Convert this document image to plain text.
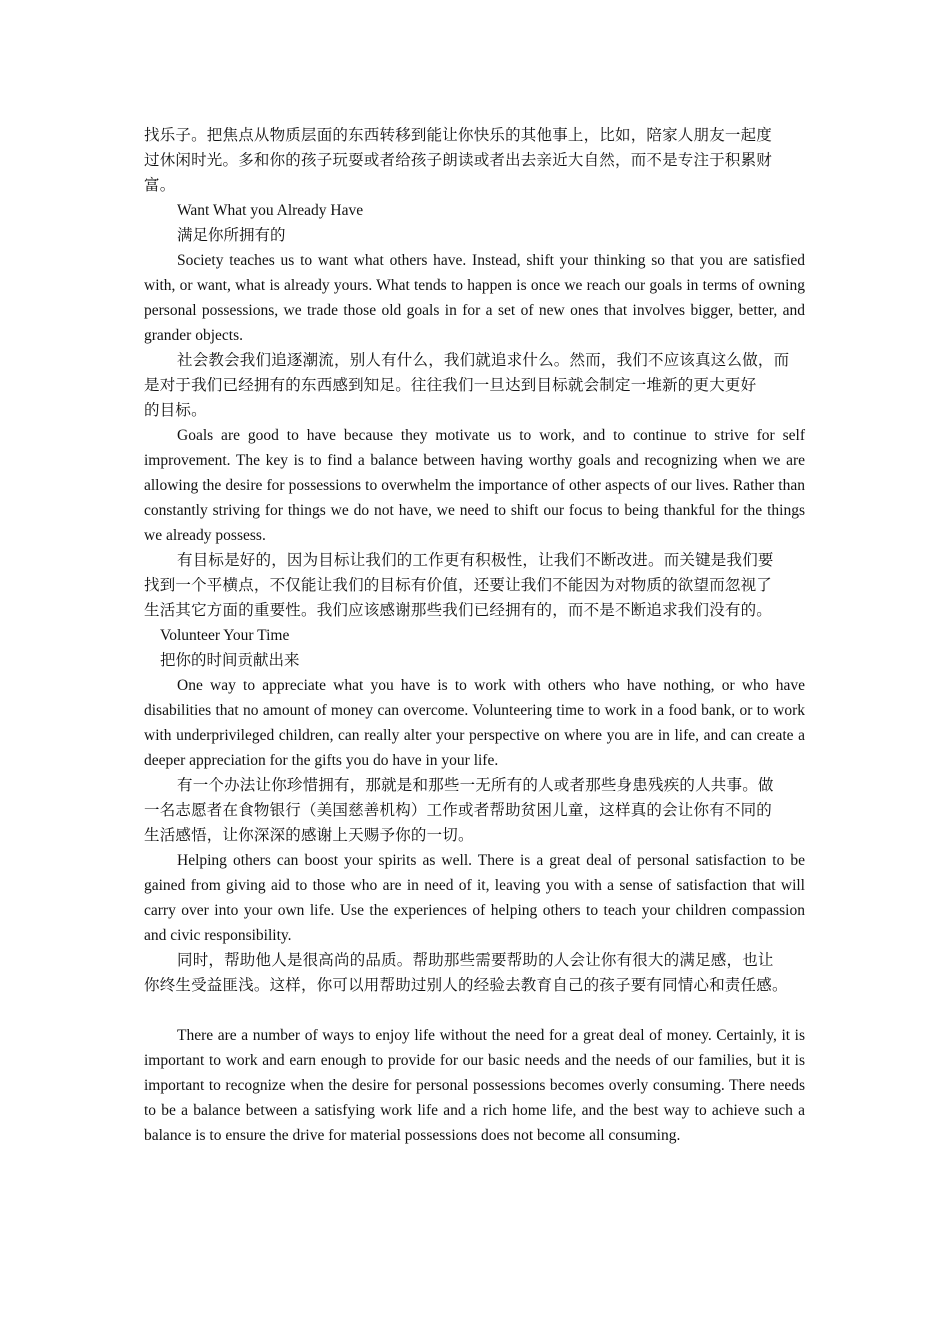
找乐子。把焦点从物质层面的东西转移到能让你快乐的其他事上，比如，陪家人朋友一起度
过休闲时光。多和你的孩子玩耍或者给孩子朗读或者出去亲近大自然，而不是专注于积累财
富。

Want What you Already Have

满足你所拥有的

Society teaches us to want what others have. Instead, shift your thinking so that you are satisfied with, or want, what is already yours. What tends to happen is once we reach our goals in terms of owning personal possessions, we trade those old goals in for a set of new ones that involves bigger, better, and grander objects.

社会教会我们追逐潮流，别人有什么，我们就追求什么。然而，我们不应该真这么做，而
是对于我们已经拥有的东西感到知足。往往我们一旦达到目标就会制定一堆新的更大更好
的目标。

Goals are good to have because they motivate us to work, and to continue to strive for self improvement. The key is to find a balance between having worthy goals and recognizing when we are allowing the desire for possessions to overwhelm the importance of other aspects of our lives. Rather than constantly striving for things we do not have, we need to shift our focus to being thankful for the things we already possess.

有目标是好的，因为目标让我们的工作更有积极性，让我们不断改进。而关键是我们要
找到一个平横点，不仅能让我们的目标有价值，还要让我们不能因为对物质的欲望而忽视了
生活其它方面的重要性。我们应该感谢那些我们已经拥有的，而不是不断追求我们没有的。

Volunteer Your Time

把你的时间贡献出来

One way to appreciate what you have is to work with others who have nothing, or who have disabilities that no amount of money can overcome. Volunteering time to work in a food bank, or to work with underprivileged children, can really alter your perspective on where you are in life, and can create a deeper appreciation for the gifts you do have in your life.

有一个办法让你珍惜拥有，那就是和那些一无所有的人或者那些身患残疾的人共事。做
一名志愿者在食物银行（美国慈善机构）工作或者帮助贫困儿童，这样真的会让你有不同的
生活感悟，让你深深的感谢上天赐予你的一切。

Helping others can boost your spirits as well. There is a great deal of personal satisfaction to be gained from giving aid to those who are in need of it, leaving you with a sense of satisfaction that will carry over into your own life. Use the experiences of helping others to teach your children compassion and civic responsibility.

同时，帮助他人是很高尚的品质。帮助那些需要帮助的人会让你有很大的满足感，也让
你终生受益匪浅。这样，你可以用帮助过别人的经验去教育自己的孩子要有同情心和责任感。

There are a number of ways to enjoy life without the need for a great deal of money. Certainly, it is important to work and earn enough to provide for our basic needs and the needs of our families, but it is important to recognize when the desire for personal possessions becomes overly consuming. There needs to be a balance between a satisfying work life and a rich home life, and the best way to achieve such a balance is to ensure the drive for material possessions does not become all consuming.
